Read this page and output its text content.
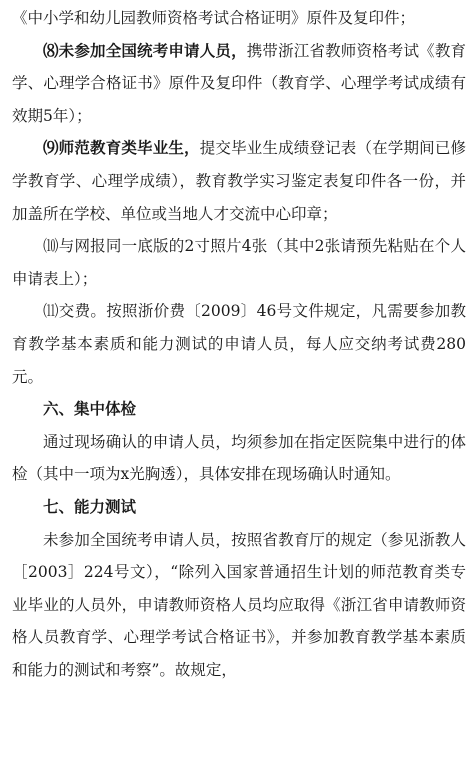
《中小学和幼儿园教师资格考试合格证明》原件及复印件；

⑻未参加全国统考申请人员，携带浙江省教师资格考试《教育学、心理学合格证书》原件及复印件（教育学、心理学考试成绩有效期5年）；

⑼师范教育类毕业生，提交毕业生成绩登记表（在学期间已修学教育学、心理学成绩），教育教学实习鉴定表复印件各一份，并加盖所在学校、单位或当地人才交流中心印章；

⑽与网报同一底版的2寸照片4张（其中2张请预先粘贴在个人申请表上）；

⑾交费。按照浙价费〔2009〕46号文件规定，凡需要参加教育教学基本素质和能力测试的申请人员，每人应交纳考试费280元。

六、集中体检

通过现场确认的申请人员，均须参加在指定医院集中进行的体检（其中一项为x光胸透），具体安排在现场确认时通知。

七、能力测试

未参加全国统考申请人员，按照省教育厅的规定（参见浙教人［2003］224号文），“除列入国家普通招生计划的师范教育类专业毕业的人员外，申请教师资格人员均应取得《浙江省申请教师资格人员教育学、心理学考试合格证书》，并参加教育教学基本素质和能力的测试和考察”。故规定，
